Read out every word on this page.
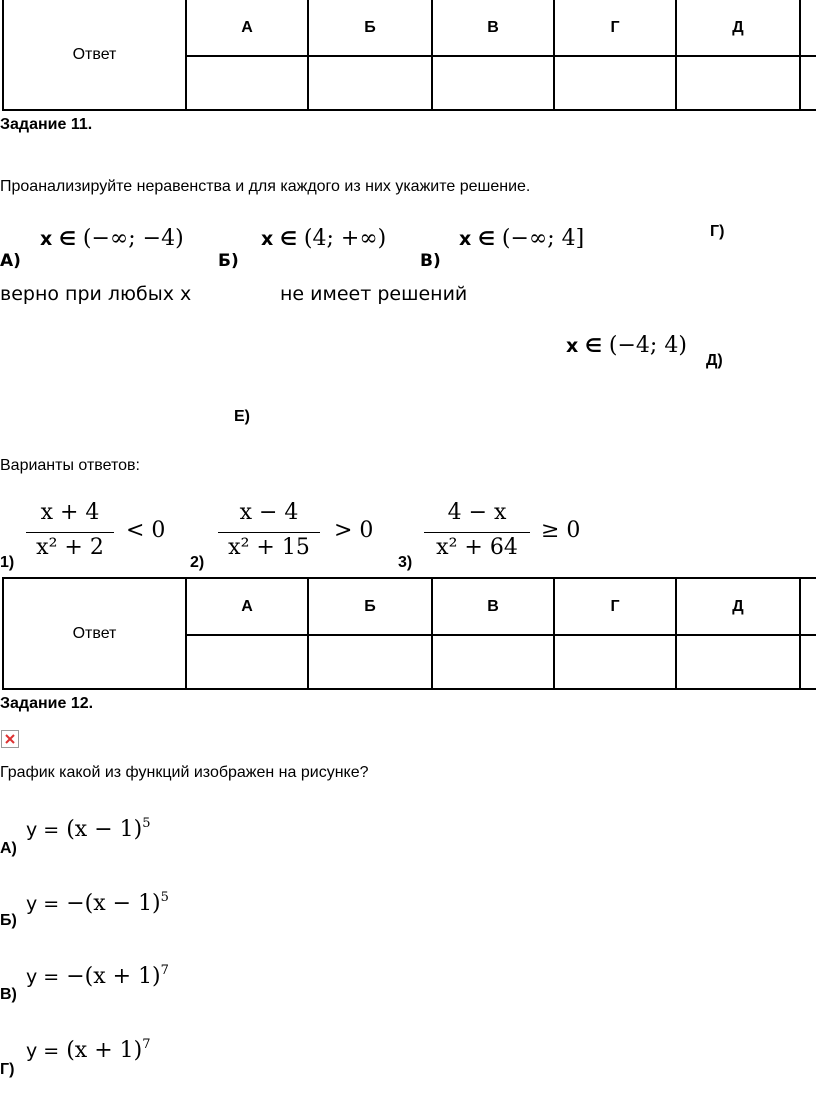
Ответ	А	Б	В	Г	Д	

Задание 11.
Проанализируйте неравенства и для каждого из них укажите решение.
А)
x ∈ (−∞; −4)
Б)
x ∈ (4; +∞)
В)
x ∈ (−∞; 4]	Г)
верно при любых x	не имеет решений
x ∈ (−4; 4)
Д)
Е)
Варианты ответов:
1)
x + 4
x² + 2
< 0
2)
x − 4
x² + 15
> 0
3)
4 − x
x² + 64
≥ 0
Ответ	А	Б	В	Г	Д	

Задание 12.
График какой из функций изображен на рисунке?
А)
$y = (x - 1)^5$
Б)
$y = -(x - 1)^5$
В)
$y = -(x + 1)^7$
Г)
$y = (x + 1)^7$
